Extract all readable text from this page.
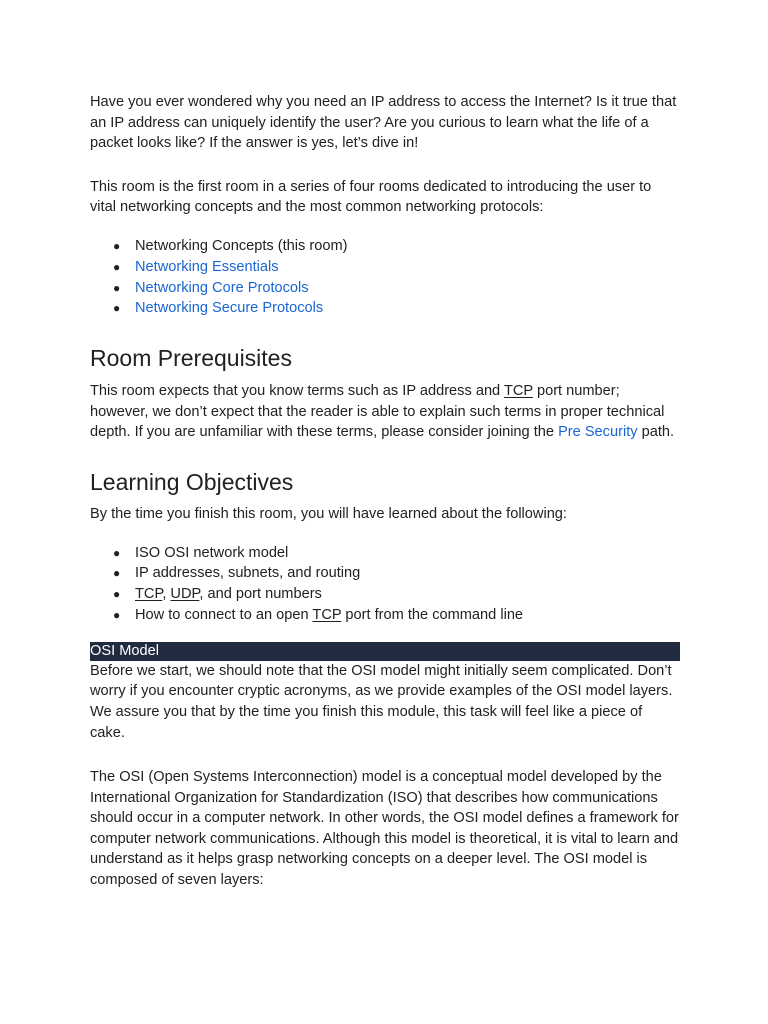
Have you ever wondered why you need an IP address to access the Internet? Is it true that an IP address can uniquely identify the user? Are you curious to learn what the life of a packet looks like? If the answer is yes, let’s dive in!

This room is the first room in a series of four rooms dedicated to introducing the user to vital networking concepts and the most common networking protocols:

● Networking Concepts (this room)
● Networking Essentials
● Networking Core Protocols
● Networking Secure Protocols
Room Prerequisites

This room expects that you know terms such as IP address and TCP port number; however, we don’t expect that the reader is able to explain such terms in proper technical depth. If you are unfamiliar with these terms, please consider joining the Pre Security path.

Learning Objectives

By the time you finish this room, you will have learned about the following:

● ISO OSI network model
● IP addresses, subnets, and routing
● TCP, UDP, and port numbers
● How to connect to an open TCP port from the command line
OSI Model

Before we start, we should note that the OSI model might initially seem complicated. Don’t worry if you encounter cryptic acronyms, as we provide examples of the OSI model layers. We assure you that by the time you finish this module, this task will feel like a piece of cake.

The OSI (Open Systems Interconnection) model is a conceptual model developed by the International Organization for Standardization (ISO) that describes how communications should occur in a computer network. In other words, the OSI model defines a framework for computer network communications. Although this model is theoretical, it is vital to learn and understand as it helps grasp networking concepts on a deeper level. The OSI model is composed of seven layers:
